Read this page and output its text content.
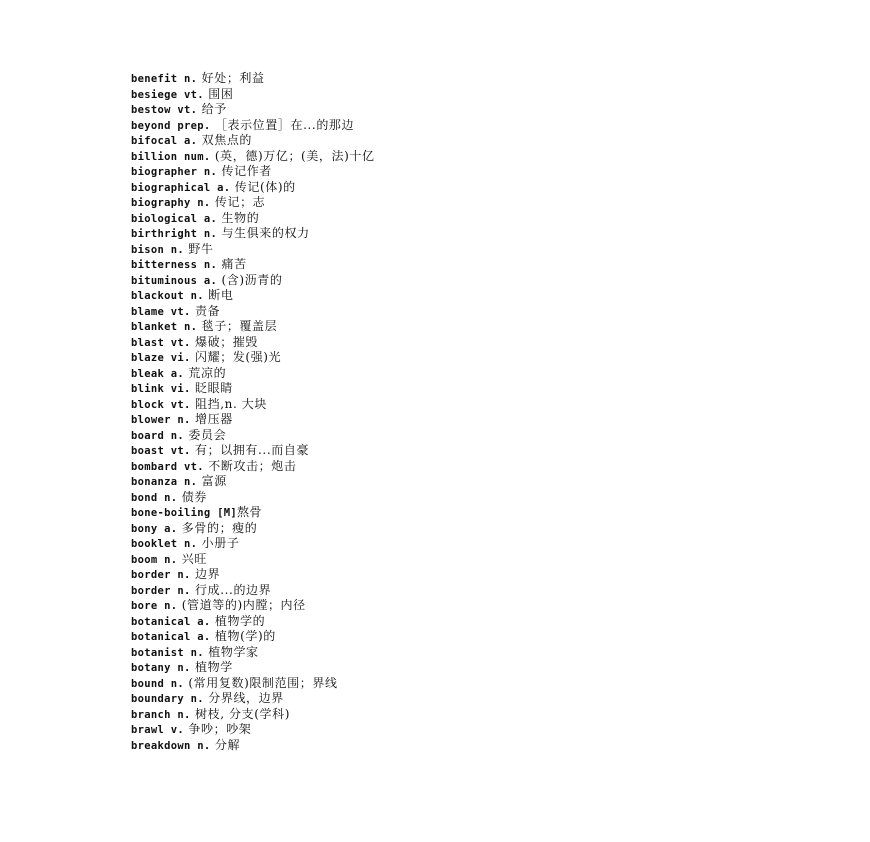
benefit n. 好处；利益
besiege vt. 围困
bestow vt. 给予
beyond prep. ［表示位置］在...的那边
bifocal a. 双焦点的
billion num. (英，德)万亿；(美，法)十亿
biographer n. 传记作者
biographical a. 传记(体)的
biography n. 传记；志
biological a. 生物的
birthright n. 与生俱来的权力
bison n. 野牛
bitterness n. 痛苦
bituminous a. (含)沥青的
blackout n. 断电
blame vt. 责备
blanket n. 毯子；覆盖层
blast vt. 爆破；摧毁
blaze vi. 闪耀；发(强)光
bleak a. 荒凉的
blink vi. 眨眼睛
block vt. 阻挡,n. 大块
blower n. 增压器
board n. 委员会
boast vt. 有；以拥有...而自豪
bombard vt. 不断攻击；炮击
bonanza n. 富源
bond n. 债券
bone-boiling [M]熬骨
bony a. 多骨的；瘦的
booklet n. 小册子
boom n. 兴旺
border n. 边界
border n. 行成...的边界
bore n. (管道等的)内膛；内径
botanical a. 植物学的
botanical a. 植物(学)的
botanist n. 植物学家
botany n. 植物学
bound n. (常用复数)限制范围；界线
boundary n. 分界线，边界
branch n. 树枝, 分支(学科)
brawl v. 争吵；吵架
breakdown n. 分解
